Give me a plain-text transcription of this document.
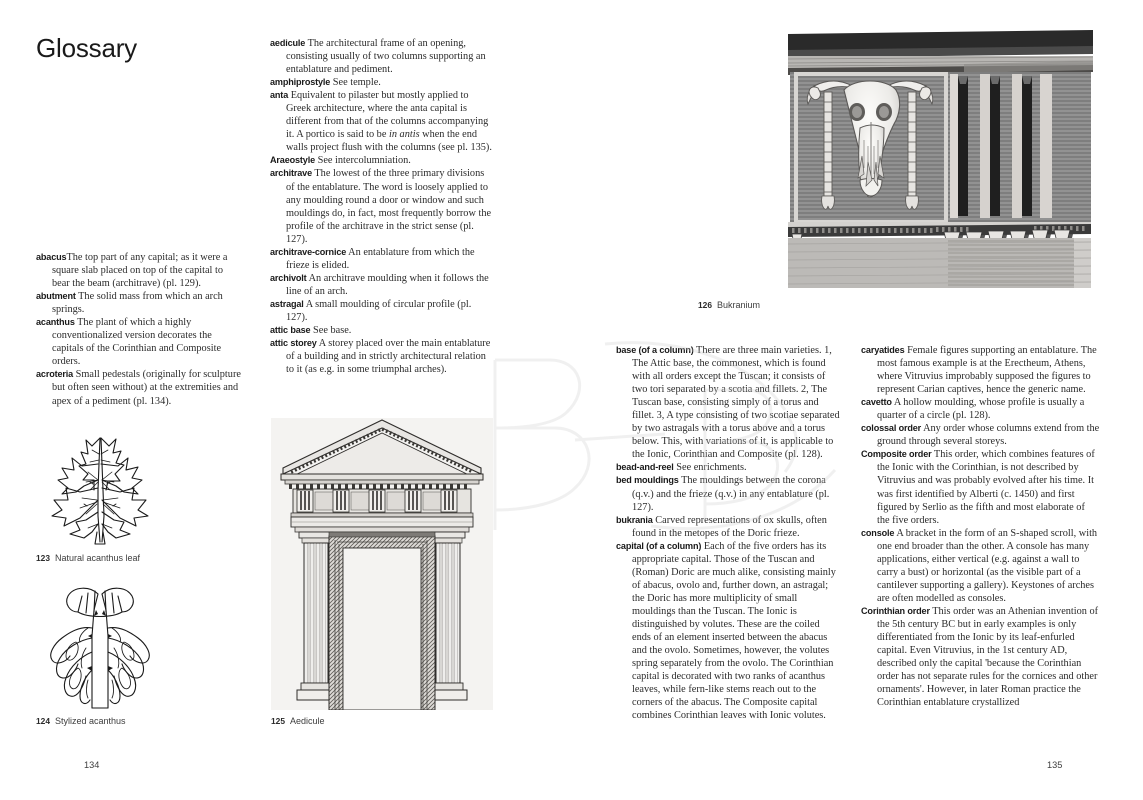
Glossary

abacusThe top part of any capital; as it were a square slab placed on top of the capital to bear the beam (architrave) (pl. 129).

abutment The solid mass from which an arch springs.

acanthus The plant of which a highly conventionalized version decorates the capitals of the Corinthian and Composite orders.

acroteria Small pedestals (originally for sculpture but often seen without) at the extremities and apex of a pediment (pl. 134).

aedicule The architectural frame of an opening, consisting usually of two columns supporting an entablature and pediment.

amphiprostyle See temple.

anta Equivalent to pilaster but mostly applied to Greek architecture, where the anta capital is different from that of the columns accompanying it. A portico is said to be in antis when the end walls project flush with the columns (see pl. 135).

Araeostyle See intercolumniation.

architrave The lowest of the three primary divisions of the entablature. The word is loosely applied to any moulding round a door or window and such mouldings do, in fact, most frequently borrow the profile of the architrave in the strict sense (pl. 127).

architrave-cornice An entablature from which the frieze is elided.

archivolt An architrave moulding when it follows the line of an arch.

astragal A small moulding of circular profile (pl. 127).

attic base See base.

attic storey A storey placed over the main entablature of a building and in strictly architectural relation to it (as e.g. in some triumphal arches).

base (of a column) There are three main varieties. 1, The Attic base, the commonest, which is found with all orders except the Tuscan; it consists of two tori separated by a scotia and fillets. 2, The Tuscan base, consisting simply of a torus and fillet. 3, A type consisting of two scotiae separated by two astragals with a torus above and a torus below. This, with variations of it, is applicable to the Ionic, Corinthian and Composite (pl. 128).

bead-and-reel See enrichments.

bed mouldings The mouldings between the corona (q.v.) and the frieze (q.v.) in any entablature (pl. 127).

bukrania Carved representations of ox skulls, often found in the metopes of the Doric frieze.

capital (of a column) Each of the five orders has its appropriate capital. Those of the Tuscan and (Roman) Doric are much alike, consisting mainly of abacus, ovolo and, further down, an astragal; the Doric has more multiplicity of small mouldings than the Tuscan. The Ionic is distinguished by volutes. These are the coiled ends of an element inserted between the abacus and the ovolo. Sometimes, however, the volutes spring separately from the ovolo. The Corinthian capital is decorated with two ranks of acanthus leaves, while fern-like stems reach out to the corners of the abacus. The Composite capital combines Corinthian leaves with Ionic volutes.

caryatides Female figures supporting an entablature. The most famous example is at the Erectheum, Athens, where Vitruvius improbably supposed the figures to represent Carian captives, hence the generic name.

cavetto A hollow moulding, whose profile is usually a quarter of a circle (pl. 128).

colossal order Any order whose columns extend from the ground through several storeys.

Composite order This order, which combines features of the Ionic with the Corinthian, is not described by Vitruvius and was probably evolved after his time. It was first identified by Alberti (c. 1450) and first figured by Serlio as the fifth and most elaborate of the five orders.

console A bracket in the form of an S-shaped scroll, with one end broader than the other. A console has many applications, either vertical (e.g. against a wall to carry a bust) or horizontal (as the visible part of a cantilever supporting a gallery). Keystones of arches are often modelled as consoles.

Corinthian order This order was an Athenian invention of the 5th century BC but in early examples is only differentiated from the Ionic by its leaf-enfurled capital. Even Vitruvius, in the 1st century AD, described only the capital 'because the Corinthian order has not separate rules for the cornices and other ornaments'. However, in later Roman practice the Corinthian entablature crystallized

123 Natural acanthus leaf
124 Stylized acanthus	125 Aedicule
126 Bukranium
134	135
